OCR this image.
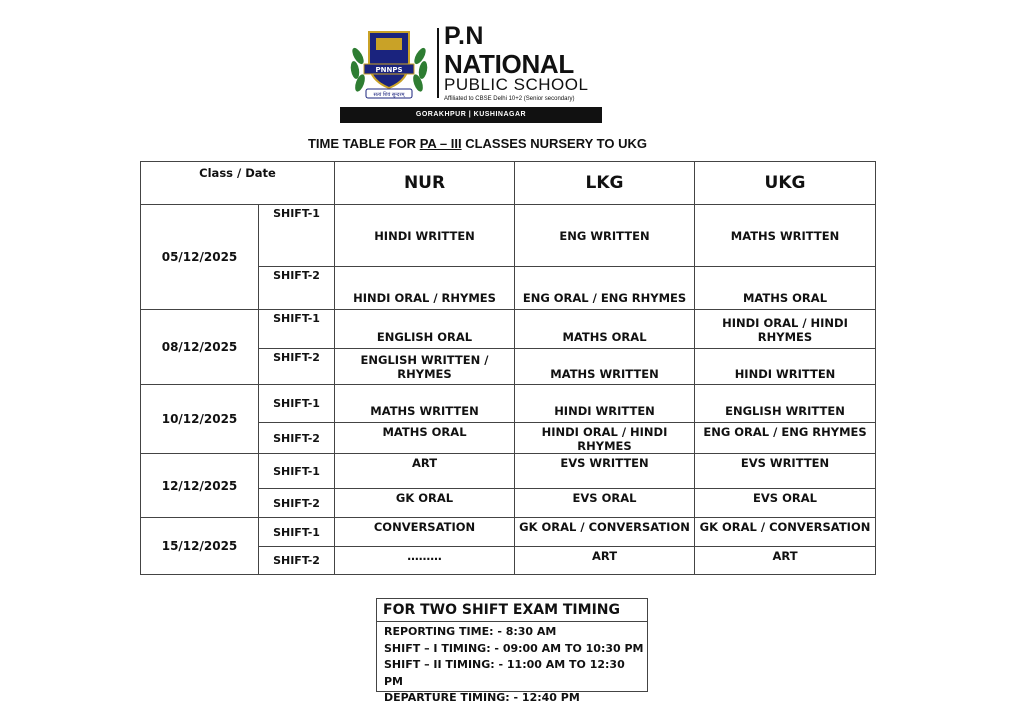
PNNPS
सत्यं शिवं सुन्दरम्
P.N
NATIONAL
PUBLIC SCHOOL
Affiliated to CBSE Delhi 10+2 (Senior secondary)
GORAKHPUR | KUSHINAGAR
TIME TABLE FOR PA – III CLASSES NURSERY TO UKG
Class / Date		NUR	LKG	UKG
05/12/2025	SHIFT-1	HINDI WRITTEN	ENG WRITTEN	MATHS WRITTEN
	SHIFT-2	HINDI ORAL / RHYMES	ENG ORAL / ENG RHYMES	MATHS ORAL
08/12/2025	SHIFT-1	ENGLISH ORAL	MATHS ORAL	HINDI ORAL / HINDI RHYMES
	SHIFT-2	ENGLISH WRITTEN / RHYMES	MATHS WRITTEN	HINDI WRITTEN
10/12/2025	SHIFT-1	MATHS WRITTEN	HINDI WRITTEN	ENGLISH WRITTEN
	SHIFT-2	MATHS ORAL	HINDI ORAL / HINDI RHYMES	ENG ORAL / ENG RHYMES
12/12/2025	SHIFT-1	ART	EVS WRITTEN	EVS WRITTEN
	SHIFT-2	GK ORAL	EVS ORAL	EVS ORAL
15/12/2025	SHIFT-1	CONVERSATION	GK ORAL / CONVERSATION	GK ORAL / CONVERSATION
	SHIFT-2	………	ART	ART
FOR TWO SHIFT EXAM TIMING
REPORTING TIME: - 8:30 AM
SHIFT – I TIMING: - 09:00 AM TO 10:30 PM
SHIFT – II TIMING: - 11:00 AM TO 12:30 PM
DEPARTURE TIMING: - 12:40 PM
